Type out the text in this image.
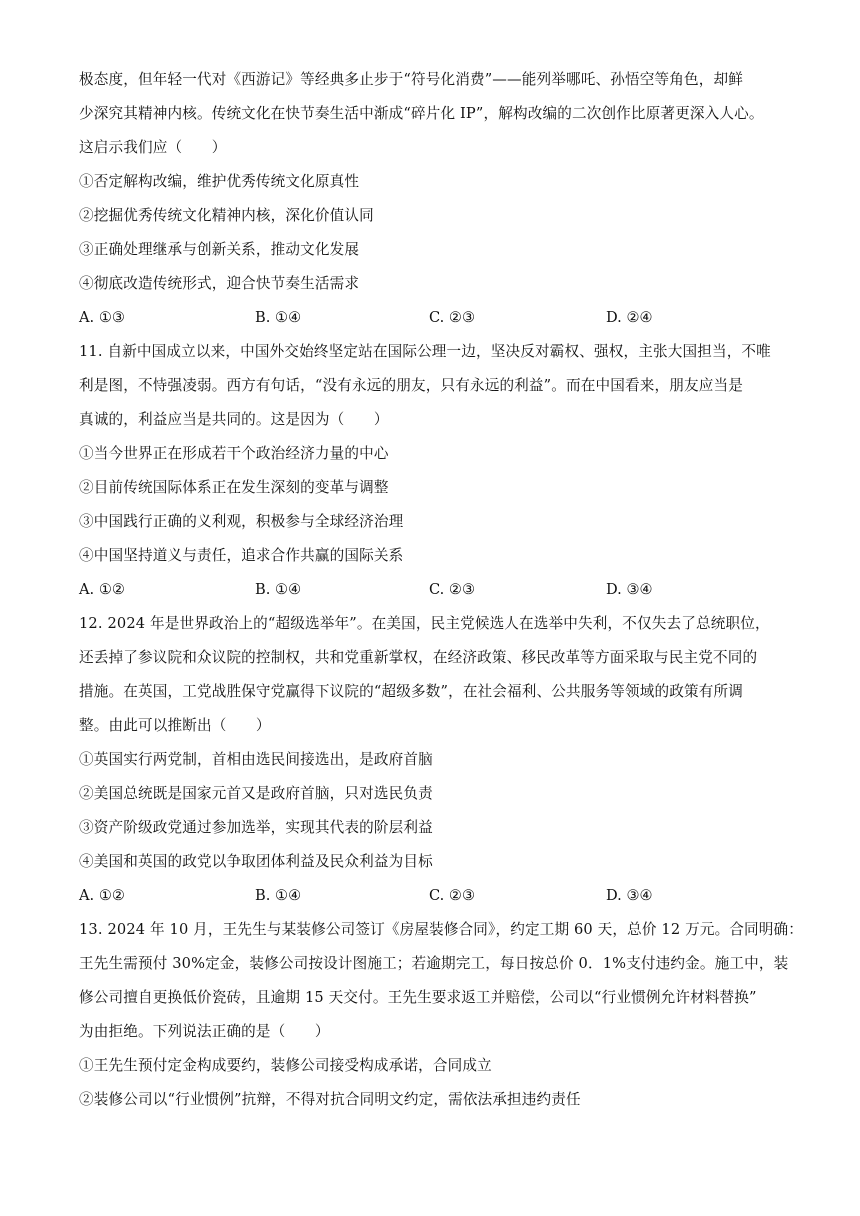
极态度，但年轻一代对《西游记》等经典多止步于“符号化消费”——能列举哪吒、孙悟空等角色，却鲜
少深究其精神内核。传统文化在快节奏生活中渐成“碎片化 IP”，解构改编的二次创作比原著更深入人心。
这启示我们应（　　）
①否定解构改编，维护优秀传统文化原真性
②挖掘优秀传统文化精神内核，深化价值认同
③正确处理继承与创新关系，推动文化发展
④彻底改造传统形式，迎合快节奏生活需求
A. ①③	B. ①④	C. ②③	D. ②④
11. 自新中国成立以来，中国外交始终坚定站在国际公理一边，坚决反对霸权、强权，主张大国担当，不唯
利是图，不恃强凌弱。西方有句话，“没有永远的朋友，只有永远的利益”。而在中国看来，朋友应当是
真诚的，利益应当是共同的。这是因为（　　）
①当今世界正在形成若干个政治经济力量的中心
②目前传统国际体系正在发生深刻的变革与调整
③中国践行正确的义利观，积极参与全球经济治理
④中国坚持道义与责任，追求合作共赢的国际关系
A. ①②	B. ①④	C. ②③	D. ③④
12. 2024 年是世界政治上的“超级选举年”。在美国，民主党候选人在选举中失利，不仅失去了总统职位，
还丢掉了参议院和众议院的控制权，共和党重新掌权，在经济政策、移民改革等方面采取与民主党不同的
措施。在英国，工党战胜保守党赢得下议院的“超级多数”，在社会福利、公共服务等领域的政策有所调
整。由此可以推断出（　　）
①英国实行两党制，首相由选民间接选出，是政府首脑
②美国总统既是国家元首又是政府首脑，只对选民负责
③资产阶级政党通过参加选举，实现其代表的阶层利益
④美国和英国的政党以争取团体利益及民众利益为目标
A. ①②	B. ①④	C. ②③	D. ③④
13. 2024 年 10 月，王先生与某装修公司签订《房屋装修合同》，约定工期 60 天，总价 12 万元。合同明确：
王先生需预付 30%定金，装修公司按设计图施工；若逾期完工，每日按总价 0．1%支付违约金。施工中，装
修公司擅自更换低价瓷砖，且逾期 15 天交付。王先生要求返工并赔偿，公司以“行业惯例允许材料替换”
为由拒绝。下列说法正确的是（　　）
①王先生预付定金构成要约，装修公司接受构成承诺，合同成立
②装修公司以“行业惯例”抗辩，不得对抗合同明文约定，需依法承担违约责任
